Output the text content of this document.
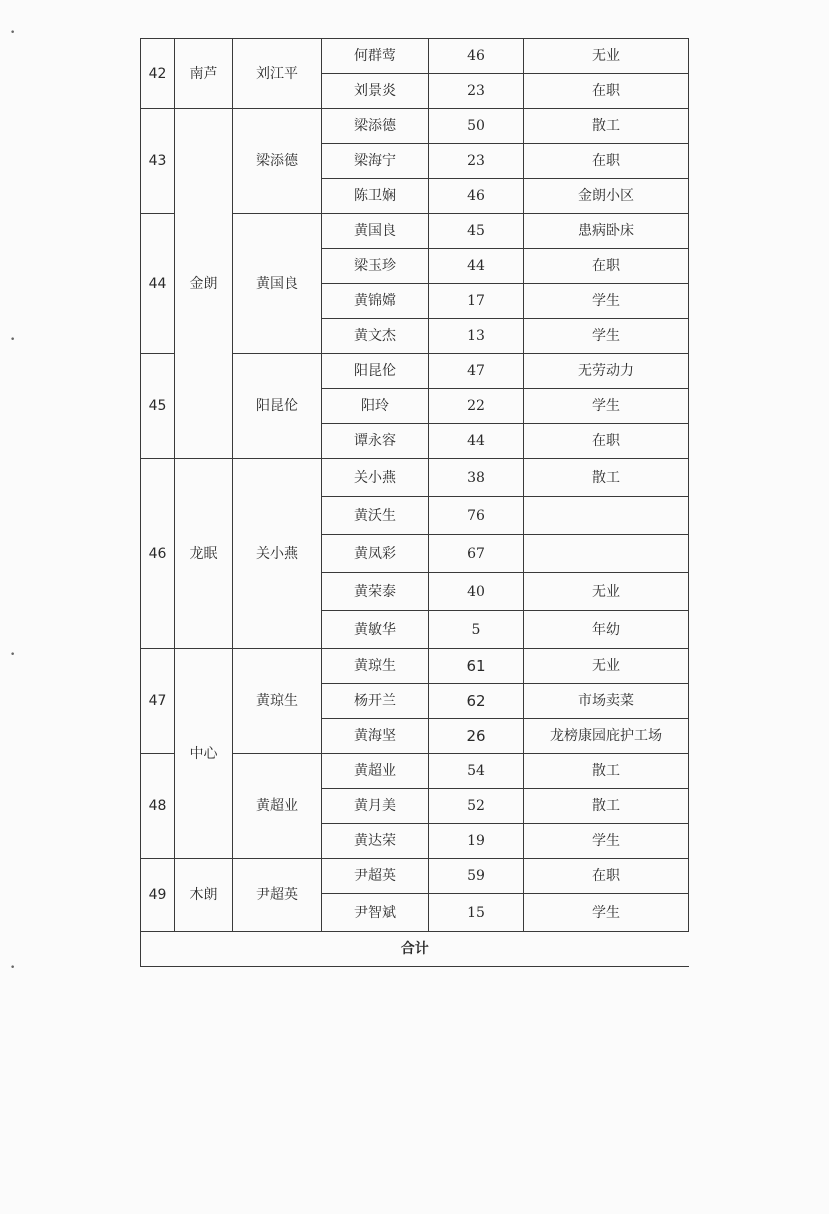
•
•
•
•
42	南芦	刘江平	何群莺	46	无业
			刘景炎	23	在职
43	金朗	梁添德	梁添德	50	散工
			梁海宁	23	在职
			陈卫娴	46	金朗小区
44		黄国良	黄国良	45	患病卧床
			梁玉珍	44	在职
			黄锦嫦	17	学生
			黄文杰	13	学生
45		阳昆伦	阳昆伦	47	无劳动力
			阳玲	22	学生
			谭永容	44	在职
46	龙眠	关小燕	关小燕	38	散工
			黄沃生	76	
			黄凤彩	67	
			黄荣泰	40	无业
			黄敏华	5	年幼
47	中心	黄琼生	黄琼生	61	无业
			杨开兰	62	市场卖菜
			黄海坚	26	龙榜康园庇护工场
48		黄超业	黄超业	54	散工
			黄月美	52	散工
			黄达荣	19	学生
49	木朗	尹超英	尹超英	59	在职
			尹智斌	15	学生
合计					
